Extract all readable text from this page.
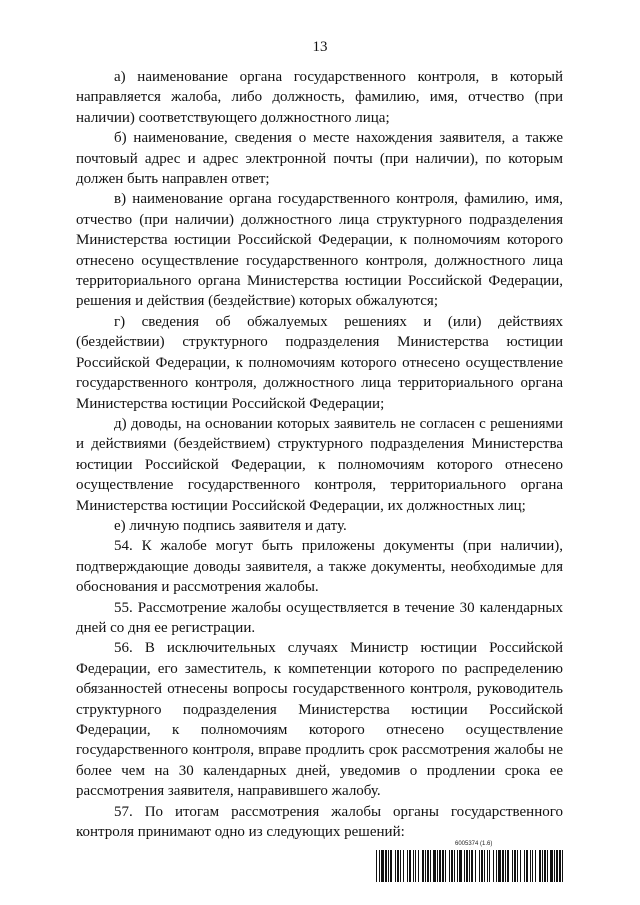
13

а) наименование органа государственного контроля, в который направляется жалоба, либо должность, фамилию, имя, отчество (при наличии) соответствующего должностного лица;

б) наименование, сведения о месте нахождения заявителя, а также почтовый адрес и адрес электронной почты (при наличии), по которым должен быть направлен ответ;

в) наименование органа государственного контроля, фамилию, имя, отчество (при наличии) должностного лица структурного подразделения Министерства юстиции Российской Федерации, к полномочиям которого отнесено осуществление государственного контроля, должностного лица территориального органа Министерства юстиции Российской Федерации, решения и действия (бездействие) которых обжалуются;

г) сведения об обжалуемых решениях и (или) действиях (бездействии) структурного подразделения Министерства юстиции Российской Федерации, к полномочиям которого отнесено осуществление государственного контроля, должностного лица территориального органа Министерства юстиции Российской Федерации;

д) доводы, на основании которых заявитель не согласен с решениями и действиями (бездействием) структурного подразделения Министерства юстиции Российской Федерации, к полномочиям которого отнесено осуществление государственного контроля, территориального органа Министерства юстиции Российской Федерации, их должностных лиц;

е) личную подпись заявителя и дату.

54. К жалобе могут быть приложены документы (при наличии), подтверждающие доводы заявителя, а также документы, необходимые для обоснования и рассмотрения жалобы.

55. Рассмотрение жалобы осуществляется в течение 30 календарных дней со дня ее регистрации.

56. В исключительных случаях Министр юстиции Российской Федерации, его заместитель, к компетенции которого по распределению обязанностей отнесены вопросы государственного контроля, руководитель структурного подразделения Министерства юстиции Российской Федерации, к полномочиям которого отнесено осуществление государственного контроля, вправе продлить срок рассмотрения жалобы не более чем на 30 календарных дней, уведомив о продлении срока ее рассмотрения заявителя, направившего жалобу.

57. По итогам рассмотрения жалобы органы государственного контроля принимают одно из следующих решений:

6005374 (1.6)
